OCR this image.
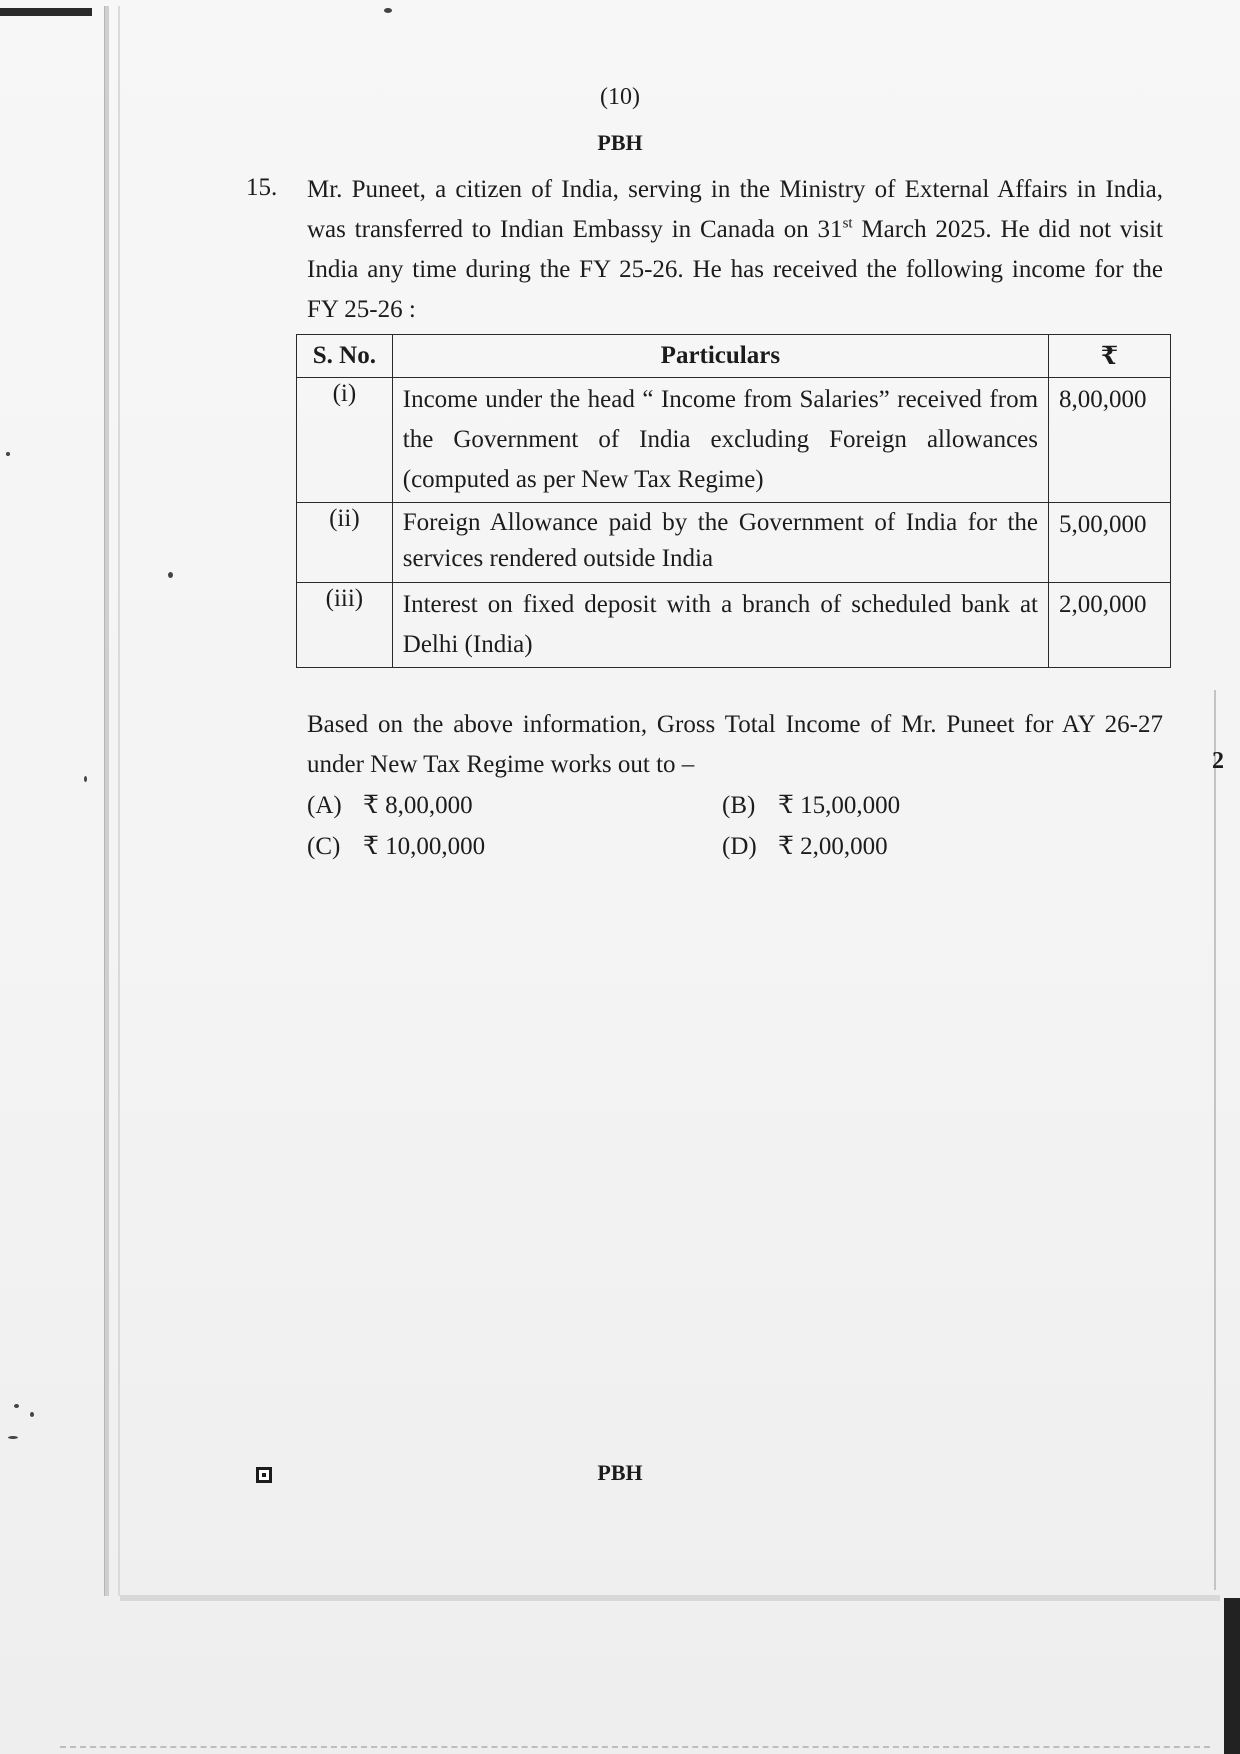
(10)
PBH
15. Mr. Puneet, a citizen of India, serving in the Ministry of External Affairs in India, was transferred to Indian Embassy in Canada on 31st March 2025. He did not visit India any time during the FY 25-26. He has received the following income for the FY 25-26 :

S. No.	Particulars	₹
(i)	Income under the head “ Income from Salaries” received from the Government of India excluding Foreign allowances (computed as per New Tax Regime)	8,00,000
(ii)	Foreign Allowance paid by the Government of India for the services rendered outside India	5,00,000
(iii)	Interest on fixed deposit with a branch of scheduled bank at Delhi (India)	2,00,000

Based on the above information, Gross Total Income of Mr. Puneet for AY 26-27 under New Tax Regime works out to –	2
(A) ₹ 8,00,000	(B) ₹ 15,00,000
(C) ₹ 10,00,000	(D) ₹ 2,00,000
PBH
